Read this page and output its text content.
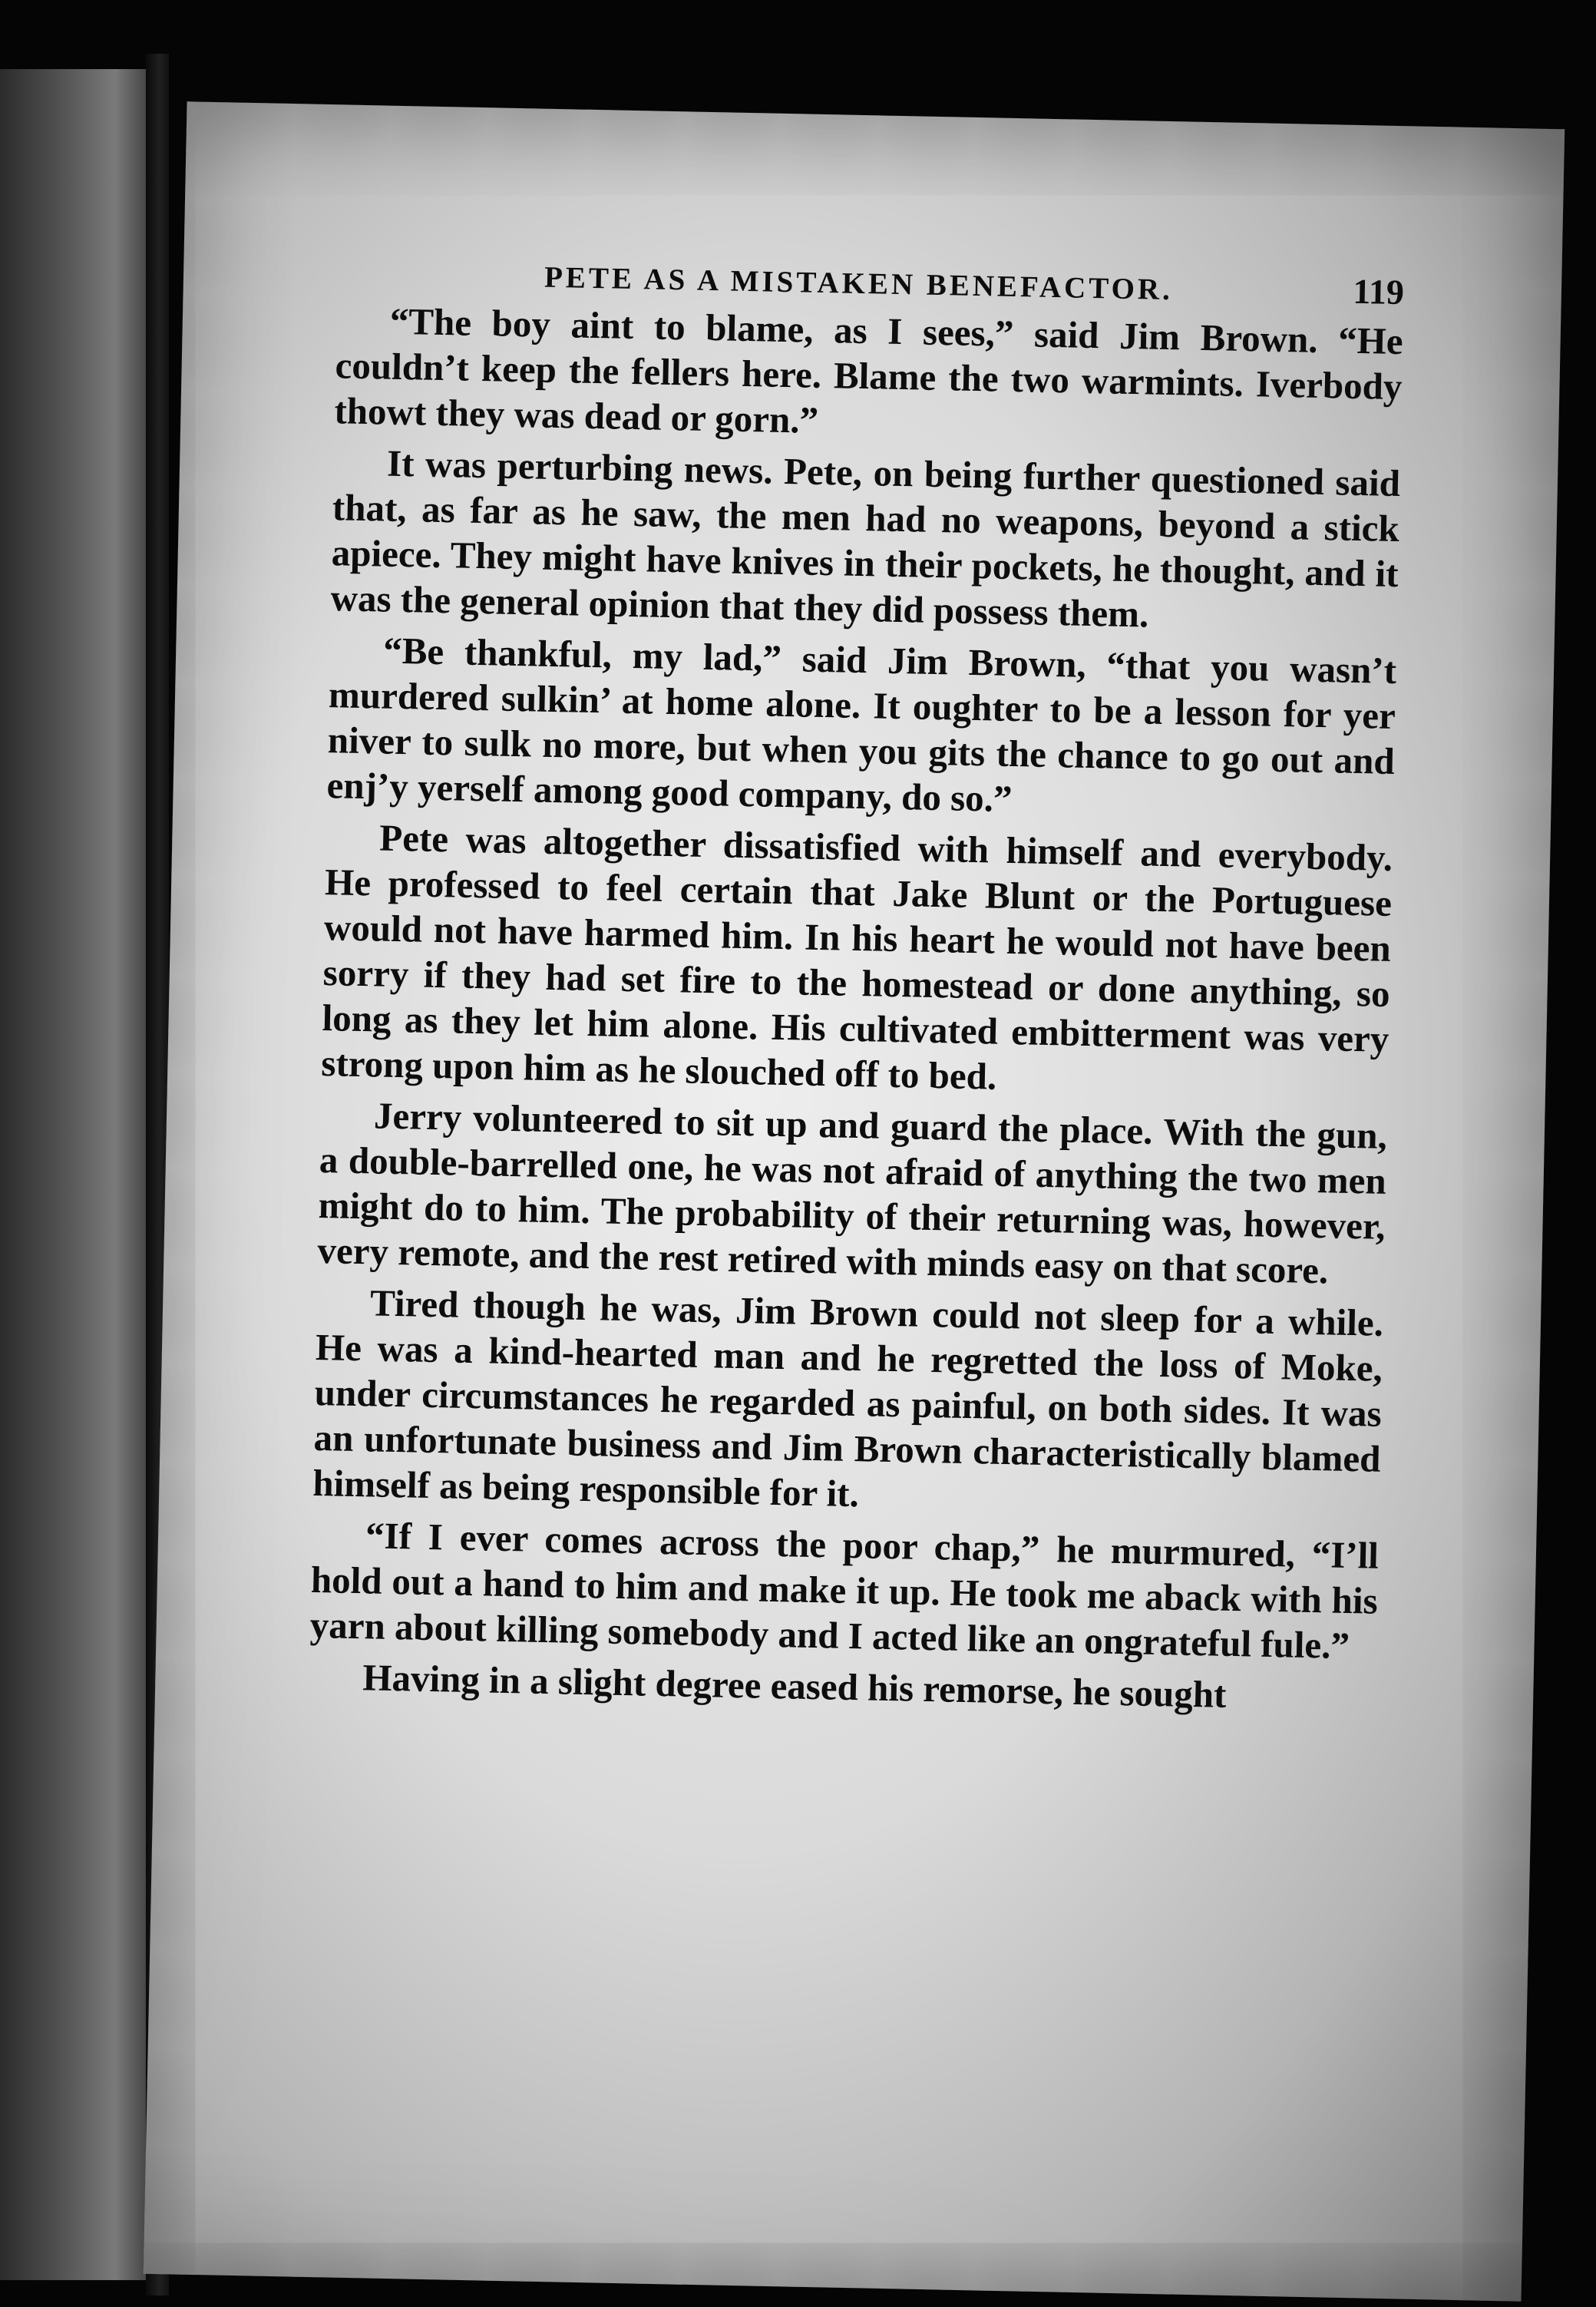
PETE AS A MISTAKEN BENEFACTOR.	119

“The boy aint to blame, as I sees,” said Jim Brown. “He couldn’t keep the fellers here. Blame the two warmints. Iverbody thowt they was dead or gorn.”

It was perturbing news. Pete, on being further questioned said that, as far as he saw, the men had no weapons, beyond a stick apiece. They might have knives in their pockets, he thought, and it was the general opinion that they did possess them.

“Be thankful, my lad,” said Jim Brown, “that you wasn’t murdered sulkin’ at home alone. It oughter to be a lesson for yer niver to sulk no more, but when you gits the chance to go out and enj’y yerself among good company, do so.”

Pete was altogether dissatisfied with himself and everybody. He professed to feel certain that Jake Blunt or the Portuguese would not have harmed him. In his heart he would not have been sorry if they had set fire to the homestead or done anything, so long as they let him alone. His cultivated embitterment was very strong upon him as he slouched off to bed.

Jerry volunteered to sit up and guard the place. With the gun, a double-barrelled one, he was not afraid of anything the two men might do to him. The probability of their returning was, however, very remote, and the rest retired with minds easy on that score.

Tired though he was, Jim Brown could not sleep for a while. He was a kind-hearted man and he regretted the loss of Moke, under circumstances he regarded as painful, on both sides. It was an unfortunate business and Jim Brown characteristically blamed himself as being responsible for it.

“If I ever comes across the poor chap,” he murmured, “I’ll hold out a hand to him and make it up. He took me aback with his yarn about killing somebody and I acted like an ongrateful fule.”

Having in a slight degree eased his remorse, he sought
